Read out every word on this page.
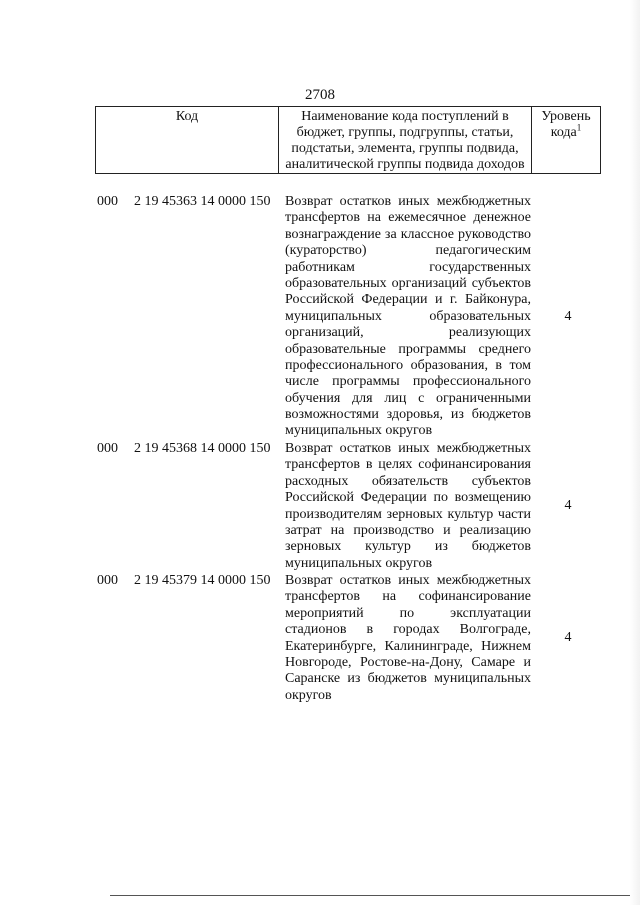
2708
Код	Наименование кода поступлений в
бюджет, группы, подгруппы, статьи,
подстатьи, элемента, группы подвида,
аналитической группы подвида доходов
Уровень
кода$^1$
000 2 19 45363 14 0000 150 Возврат остатков иных межбюджетных
трансфертов на ежемесячное денежное
вознаграждение за классное руководство
(кураторство) педагогическим
работникам государственных
образовательных организаций субъектов
Российской Федерации и г. Байконура,
муниципальных образовательных
организаций, реализующих
образовательные программы среднего
профессионального образования, в том
числе программы профессионального
обучения для лиц с ограниченными
возможностями здоровья, из бюджетов
муниципальных округов
4
000 2 19 45368 14 0000 150 Возврат остатков иных межбюджетных
трансфертов в целях софинансирования
расходных обязательств субъектов
Российской Федерации по возмещению
производителям зерновых культур части
затрат на производство и реализацию
зерновых культур из бюджетов
муниципальных округов
4
000 2 19 45379 14 0000 150 Возврат остатков иных межбюджетных
трансфертов на софинансирование
мероприятий по эксплуатации
стадионов в городах Волгограде,
Екатеринбурге, Калининграде, Нижнем
Новгороде, Ростове-на-Дону, Самаре и
Саранске из бюджетов муниципальных
округов
4
